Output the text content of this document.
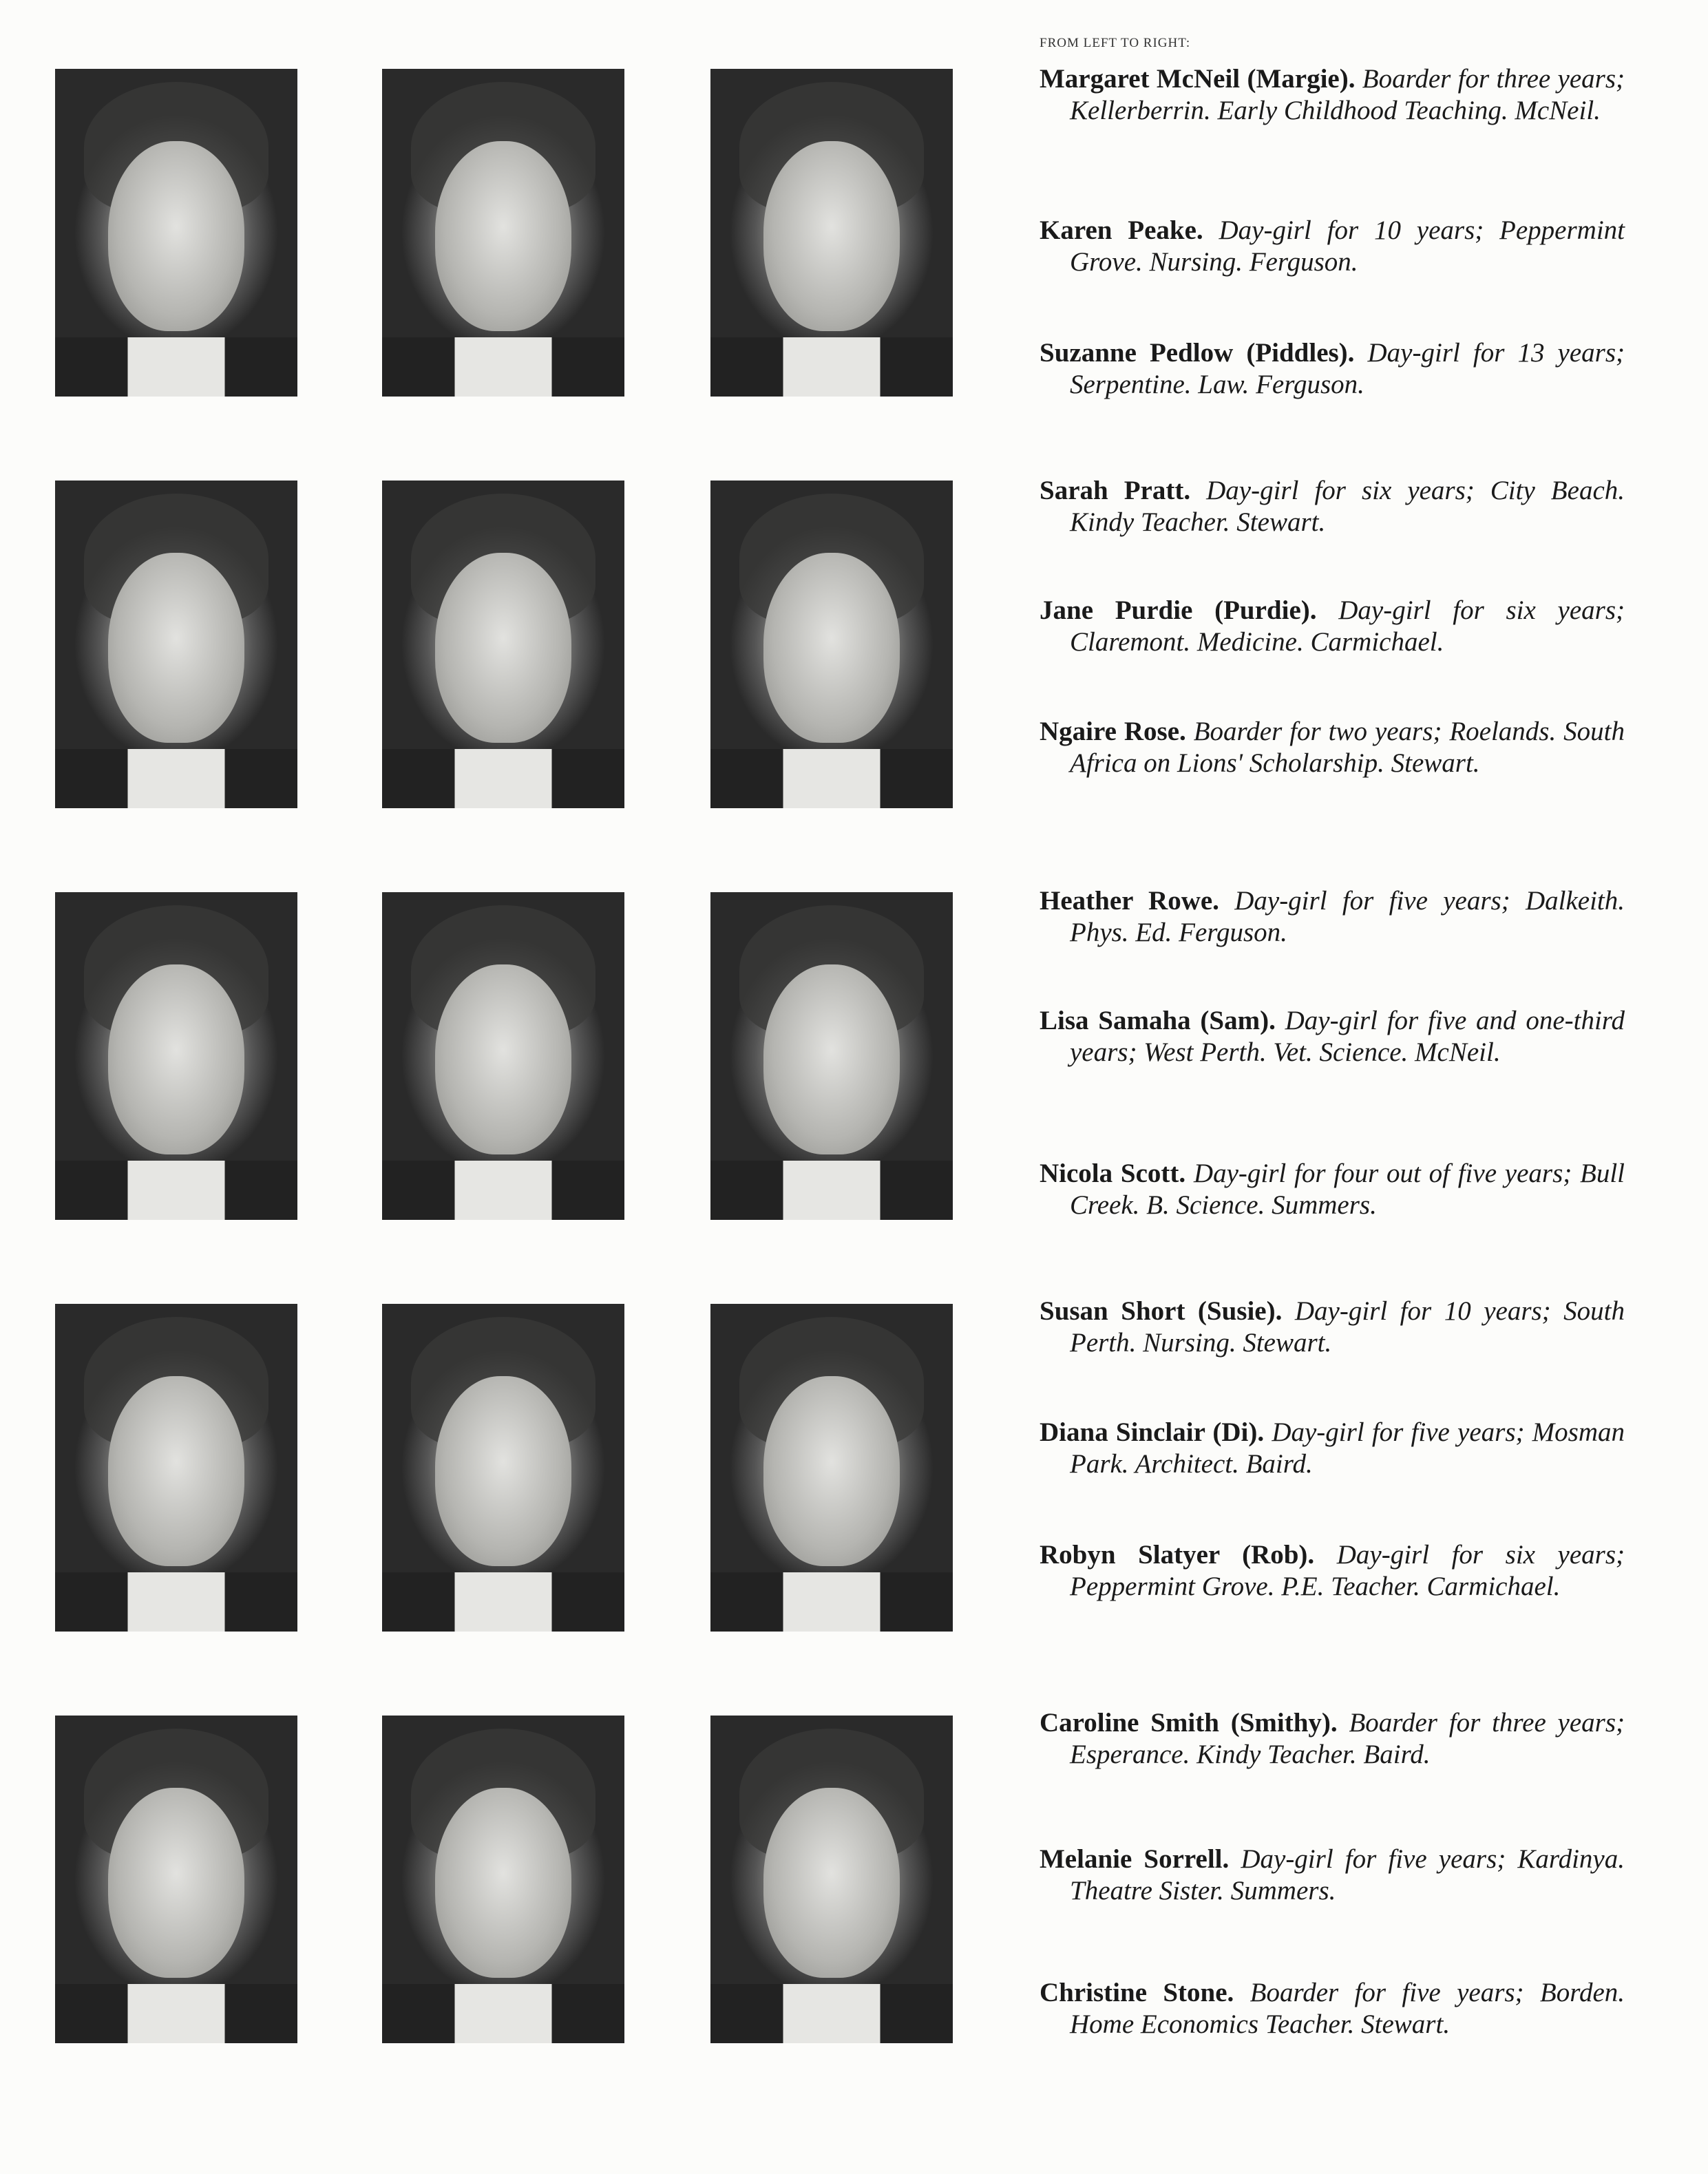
FROM LEFT TO RIGHT:
Margaret McNeil (Margie). Boarder for three years; Kellerberrin. Early Childhood Teaching. McNeil.
Karen Peake. Day-girl for 10 years; Peppermint Grove. Nursing. Ferguson.
Suzanne Pedlow (Piddles). Day-girl for 13 years; Serpentine. Law. Ferguson.
Sarah Pratt. Day-girl for six years; City Beach. Kindy Teacher. Stewart.
Jane Purdie (Purdie). Day-girl for six years; Claremont. Medicine. Carmichael.
Ngaire Rose. Boarder for two years; Roelands. South Africa on Lions' Scholarship. Stewart.
Heather Rowe. Day-girl for five years; Dalkeith. Phys. Ed. Ferguson.
Lisa Samaha (Sam). Day-girl for five and one-third years; West Perth. Vet. Science. McNeil.
Nicola Scott. Day-girl for four out of five years; Bull Creek. B. Science. Summers.
Susan Short (Susie). Day-girl for 10 years; South Perth. Nursing. Stewart.
Diana Sinclair (Di). Day-girl for five years; Mosman Park. Architect. Baird.
Robyn Slatyer (Rob). Day-girl for six years; Peppermint Grove. P.E. Teacher. Carmichael.
Caroline Smith (Smithy). Boarder for three years; Esperance. Kindy Teacher. Baird.
Melanie Sorrell. Day-girl for five years; Kardinya. Theatre Sister. Summers.
Christine Stone. Boarder for five years; Borden. Home Economics Teacher. Stewart.
